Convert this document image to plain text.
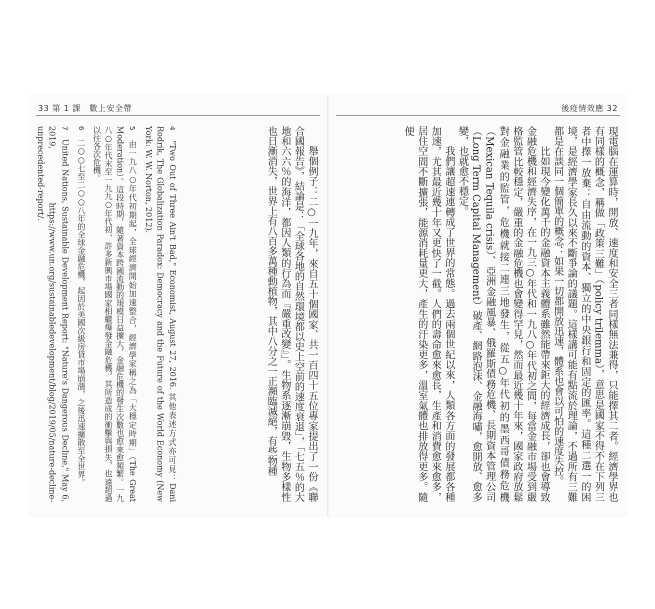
33 第 1 課　數上安全帶

舉個例子：二○一九年，來自五十個國家、共一百四十五位專家提出了一份《聯合國報告》，結論是：「全球各地的自然環境都以史上空前的速度衰退」，「七五％的大地和六六％的海洋，都因人類的行為而『嚴重改變』」。生物系逐漸崩毀，生物多樣性也日漸消失，世界上有八百多萬種動植物，其中八分之一正瀕臨滅絕，有些物種

4　"Two Out of Three Ain't Bad," Economist, August 27, 2016. 其他表述方式亦可見：Dani Rodrik, The Globalization Paradox: Democracy and the Future of the World Economy (New York: W. W. Norton, 2012).

5　由一九八○年代初期起，全球經濟開始加速整合，經濟學家稱之為「大穩定時期」（The Great Moderation）。這段時期，隨著資本跨國流動的規模日益擴大，金融危機的發生次數也愈來愈頻繁。一九八○年代末至一九九○年代初，許多新興市場國家相繼爆發金融危機，其所造成的衝擊與損失，也遠超過以往各次危機。

6　二○○七至二○○八年的全球金融危機，起因於美國次級房貸市場崩潰，之後迅速擴散至全世界。

7　United Nations, Sustainable Development Report: "Nature's Dangerous Decline," May 6, 2019, https://www.un.org/sustainabledevelopment/blog/2019/05/nature-decline-unprecedented-report/.

後疫情效應 32

現電腦在運算時，開放、速度和安全三者同樣無法兼得，只能擇其二者。經濟學界也有同樣的概念，稱做「政策三難」（policy trilemma），意思是國家不得不在下列三者中擇一放棄：自由流動的資本、獨立的中央銀行和固定的匯率。這種二選一的困境，是經濟學家長久以來不斷爭論的議題。這樣講可能有點流於理論，不過所有三難都是在談同一個簡單的概念：如果一切都開放迅速，體系也會以可怕的速度失控。

比如現今變化萬千的金融資本主義體系雖然能帶來鉅大的經濟成長，卻也會導致金融危機和經濟失序，在一九三○年代和一九八○年代初之間，每當金融市場受到嚴格監管比較穩定，嚴重的金融危機也會變得罕見，然而最近幾十年來，國家政府放鬆對金融業的監管，危機就接二連三地發生，從五○年代初的墨西哥債務危機（Mexican Tequila crisis）、亞洲金融風暴、俄羅斯債務危機、長期資本管理公司（Long Term Capital Management）破產、網路泡沫、金融海嘯，愈開放、愈多變，也就愈不穩定。

我們讓超速連轉成了世界的常態。過去兩個世紀以來，人類各方面的發展都各種加速，尤其最近幾十年又更快了一截。人們的壽命愈來愈長，生產和消費愈來愈多，居住空間不斷擴張，能源消耗量更大，產生的汙染更多，溫室氣體也排放得更多。隨便
